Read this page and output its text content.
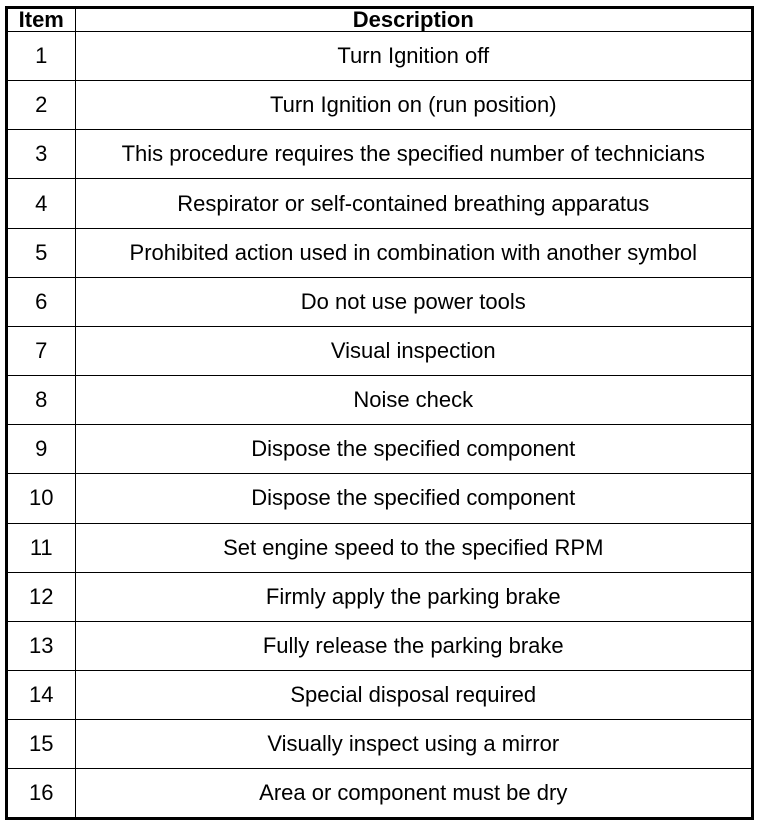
Item	Description
1	Turn Ignition off
2	Turn Ignition on (run position)
3	This procedure requires the specified number of technicians
4	Respirator or self-contained breathing apparatus
5	Prohibited action used in combination with another symbol
6	Do not use power tools
7	Visual inspection
8	Noise check
9	Dispose the specified component
10	Dispose the specified component
11	Set engine speed to the specified RPM
12	Firmly apply the parking brake
13	Fully release the parking brake
14	Special disposal required
15	Visually inspect using a mirror
16	Area or component must be dry
